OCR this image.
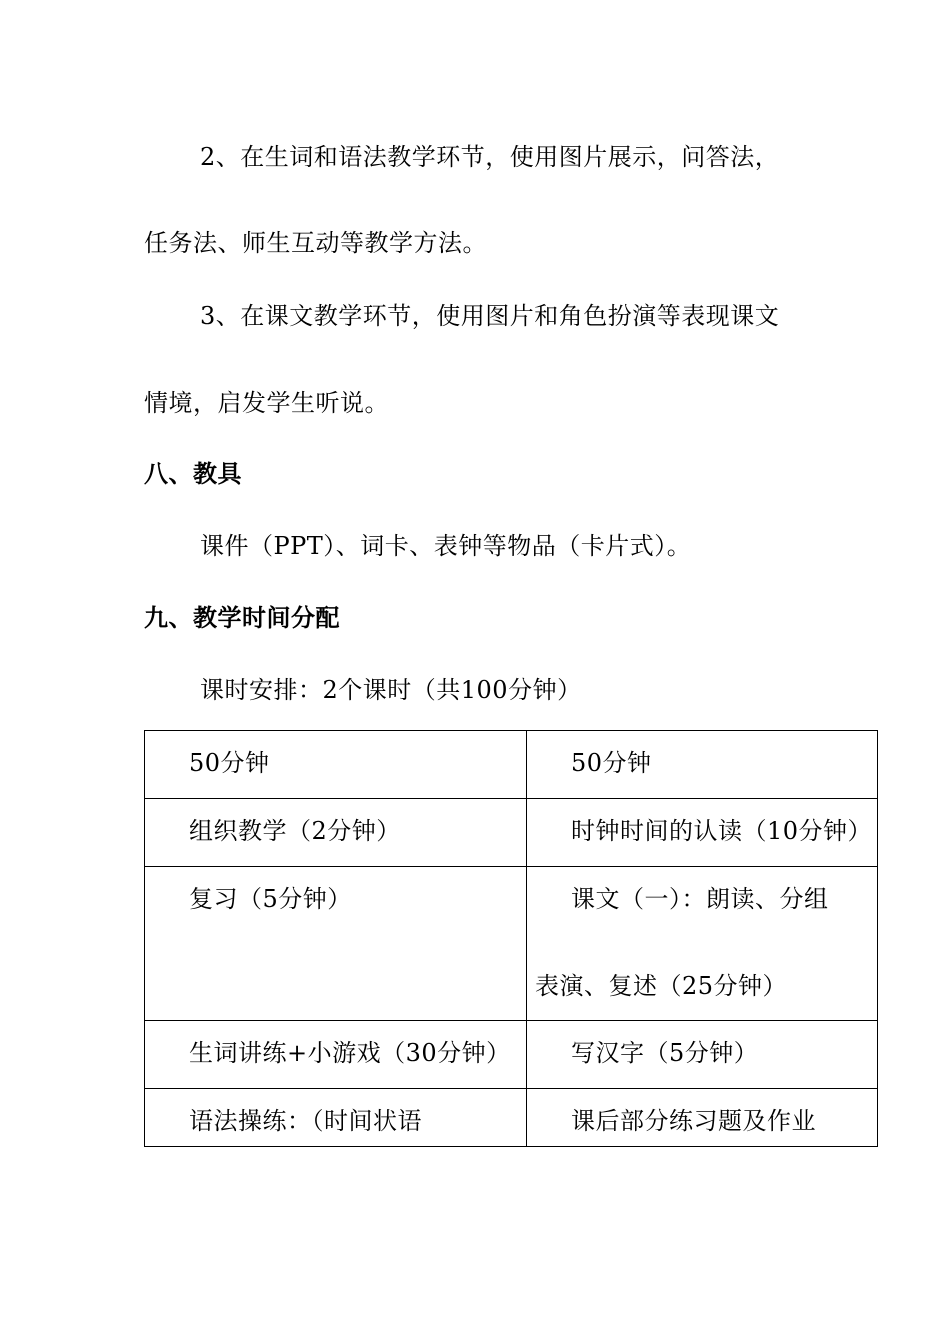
2、在生词和语法教学环节，使用图片展示，问答法，
任务法、师生互动等教学方法。
3、在课文教学环节，使用图片和角色扮演等表现课文
情境，启发学生听说。
八、教具
课件（PPT）、词卡、表钟等物品（卡片式）。
九、教学时间分配
课时安排：2个课时（共100分钟）
50分钟	50分钟

组织教学（2分钟）	时钟时间的认读（10分钟）

复习（5分钟）	课文（一）：朗读、分组
表演、复述（25分钟）

生词讲练+小游戏（30分钟）	写汉字（5分钟）

语法操练：（时间状语	课后部分练习题及作业
